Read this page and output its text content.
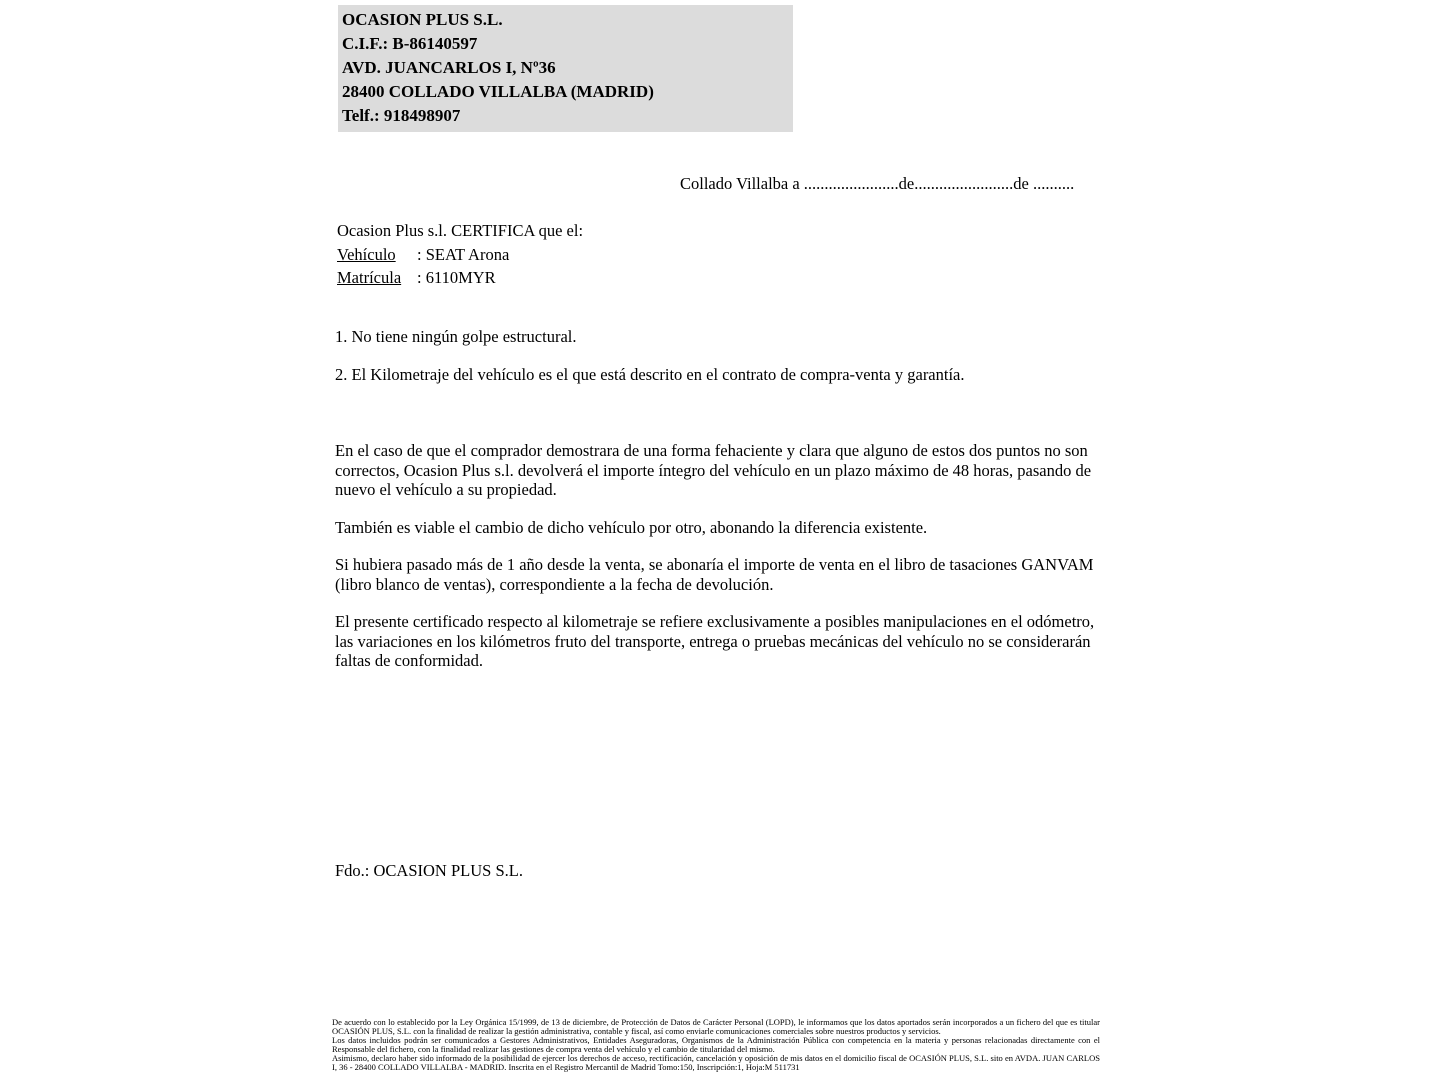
OCASION PLUS S.L.
C.I.F.: B-86140597
AVD. JUANCARLOS I, Nº36
28400 COLLADO VILLALBA (MADRID)
Telf.: 918498907
Collado Villalba a .......................de........................de ..........
Ocasion Plus s.l. CERTIFICA que el:
Vehículo : SEAT Arona
Matrícula : 6110MYR

1. No tiene ningún golpe estructural.

2. El Kilometraje del vehículo es el que está descrito en el contrato de compra-venta y garantía.

En el caso de que el comprador demostrara de una forma fehaciente y clara que alguno de estos dos puntos no son correctos, Ocasion Plus s.l. devolverá el importe íntegro del vehículo en un plazo máximo de 48 horas, pasando de nuevo el vehículo a su propiedad.

También es viable el cambio de dicho vehículo por otro, abonando la diferencia existente.

Si hubiera pasado más de 1 año desde la venta, se abonaría el importe de venta en el libro de tasaciones GANVAM (libro blanco de ventas), correspondiente a la fecha de devolución.

El presente certificado respecto al kilometraje se refiere exclusivamente a posibles manipulaciones en el odómetro, las variaciones en los kilómetros fruto del transporte, entrega o pruebas mecánicas del vehículo no se considerarán faltas de conformidad.

Fdo.: OCASION PLUS S.L.

De acuerdo con lo establecido por la Ley Orgánica 15/1999, de 13 de diciembre, de Protección de Datos de Carácter Personal (LOPD), le informamos que los datos aportados serán incorporados a un fichero del que es titular OCASIÓN PLUS, S.L. con la finalidad de realizar la gestión administrativa, contable y fiscal, así como enviarle comunicaciones comerciales sobre nuestros productos y servicios.

Los datos incluidos podrán ser comunicados a Gestores Administrativos, Entidades Aseguradoras, Organismos de la Administración Pública con competencia en la materia y personas relacionadas directamente con el Responsable del fichero, con la finalidad realizar las gestiones de compra venta del vehículo y el cambio de titularidad del mismo.

Asimismo, declaro haber sido informado de la posibilidad de ejercer los derechos de acceso, rectificación, cancelación y oposición de mis datos en el domicilio fiscal de OCASIÓN PLUS, S.L. sito en AVDA. JUAN CARLOS I, 36 - 28400 COLLADO VILLALBA - MADRID. Inscrita en el Registro Mercantil de Madrid Tomo:150, Inscripción:1, Hoja:M 511731
